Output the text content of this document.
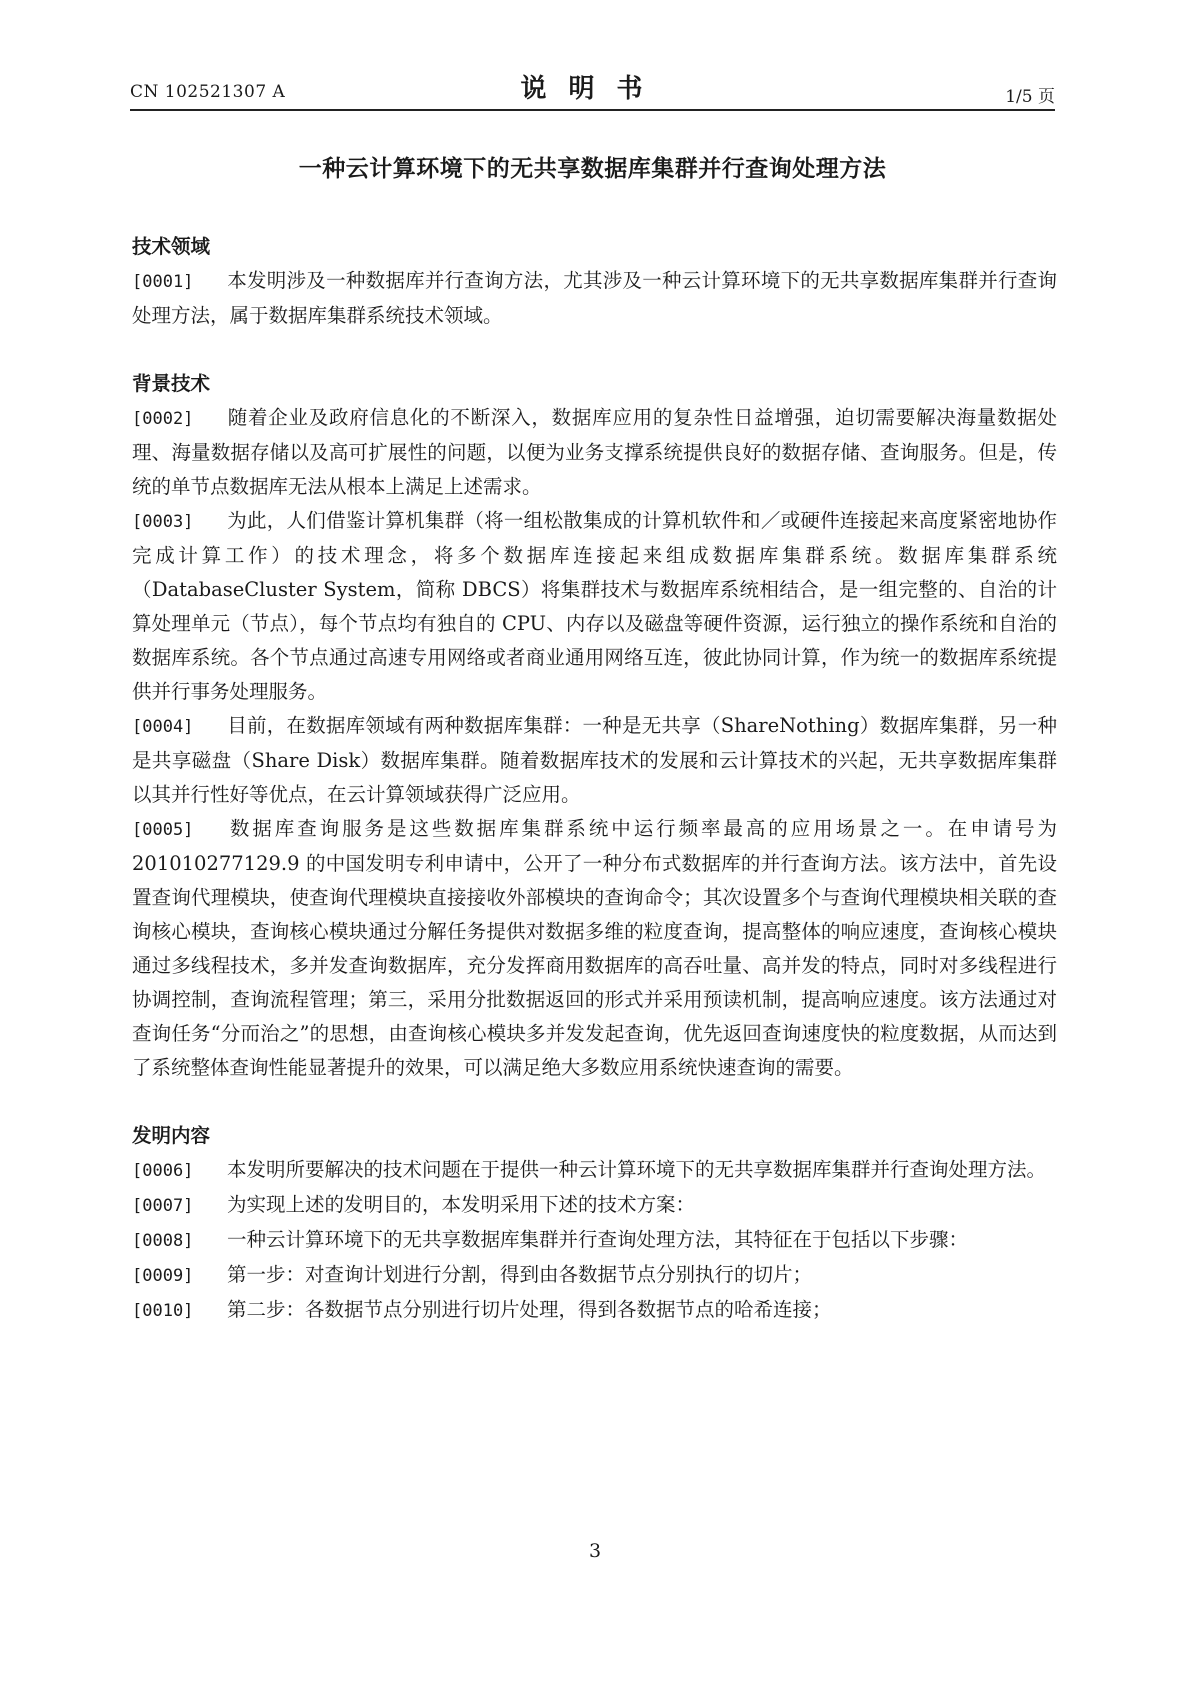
CN 102521307 A	说明书	1/5 页
一种云计算环境下的无共享数据库集群并行查询处理方法

技术领域

[0001] 本发明涉及一种数据库并行查询方法，尤其涉及一种云计算环境下的无共享数据库集群并行查询处理方法，属于数据库集群系统技术领域。

背景技术

[0002] 随着企业及政府信息化的不断深入，数据库应用的复杂性日益增强，迫切需要解决海量数据处理、海量数据存储以及高可扩展性的问题，以便为业务支撑系统提供良好的数据存储、查询服务。但是，传统的单节点数据库无法从根本上满足上述需求。

[0003] 为此，人们借鉴计算机集群（将一组松散集成的计算机软件和／或硬件连接起来高度紧密地协作完成计算工作）的技术理念，将多个数据库连接起来组成数据库集群系统。数据库集群系统（DatabaseCluster System，简称 DBCS）将集群技术与数据库系统相结合，是一组完整的、自治的计算处理单元（节点），每个节点均有独自的 CPU、内存以及磁盘等硬件资源，运行独立的操作系统和自治的数据库系统。各个节点通过高速专用网络或者商业通用网络互连，彼此协同计算，作为统一的数据库系统提供并行事务处理服务。

[0004] 目前，在数据库领域有两种数据库集群：一种是无共享（ShareNothing）数据库集群，另一种是共享磁盘（Share Disk）数据库集群。随着数据库技术的发展和云计算技术的兴起，无共享数据库集群以其并行性好等优点，在云计算领域获得广泛应用。

[0005] 数据库查询服务是这些数据库集群系统中运行频率最高的应用场景之一。在申请号为 201010277129.9 的中国发明专利申请中，公开了一种分布式数据库的并行查询方法。该方法中，首先设置查询代理模块，使查询代理模块直接接收外部模块的查询命令；其次设置多个与查询代理模块相关联的查询核心模块，查询核心模块通过分解任务提供对数据多维的粒度查询，提高整体的响应速度，查询核心模块通过多线程技术，多并发查询数据库，充分发挥商用数据库的高吞吐量、高并发的特点，同时对多线程进行协调控制，查询流程管理；第三，采用分批数据返回的形式并采用预读机制，提高响应速度。该方法通过对查询任务“分而治之”的思想，由查询核心模块多并发发起查询，优先返回查询速度快的粒度数据，从而达到了系统整体查询性能显著提升的效果，可以满足绝大多数应用系统快速查询的需要。

发明内容

[0006] 本发明所要解决的技术问题在于提供一种云计算环境下的无共享数据库集群并行查询处理方法。

[0007] 为实现上述的发明目的，本发明采用下述的技术方案：

[0008] 一种云计算环境下的无共享数据库集群并行查询处理方法，其特征在于包括以下步骤：

[0009] 第一步：对查询计划进行分割，得到由各数据节点分别执行的切片；

[0010] 第二步：各数据节点分别进行切片处理，得到各数据节点的哈希连接；

3
